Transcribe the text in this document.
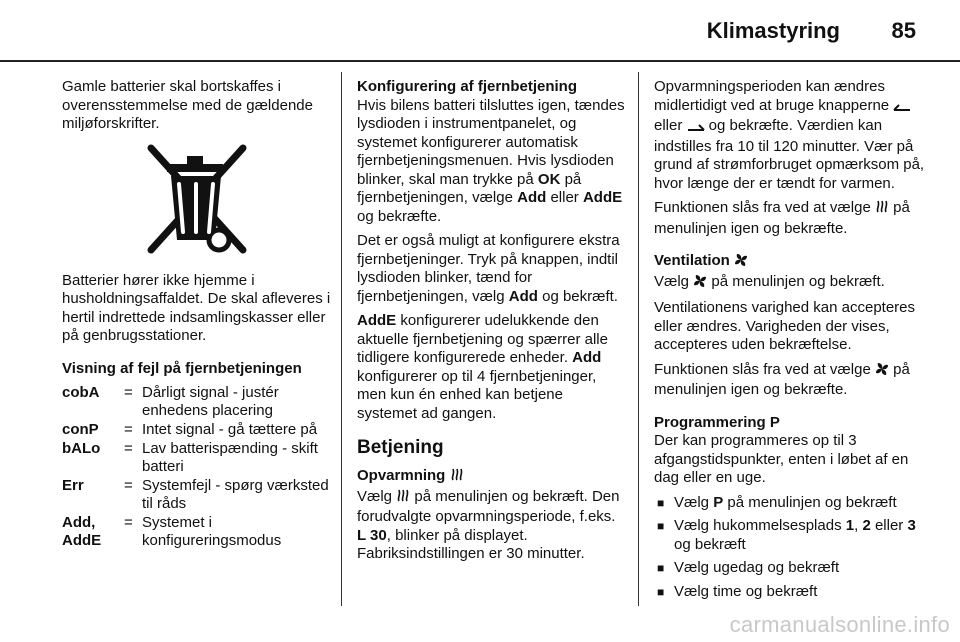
Klimastyring 85

Gamle batterier skal bortskaffes i overensstemmelse med de gældende miljøforskrifter.

Batterier hører ikke hjemme i husholdningsaffaldet. De skal afleveres i hertil indrettede indsamlingskasser eller på genbrugsstationer.

Visning af fejl på fjernbetjeningen

cobA	=	Dårligt signal - justér enhedens placering
conP	=	Intet signal - gå tættere på
bALo	=	Lav batterispænding - skift batteri
Err	=	Systemfejl - spørg værksted til råds
Add, AddE	=	Systemet i konfigureringsmodus

Konfigurering af fjernbetjening

Hvis bilens batteri tilsluttes igen, tændes lysdioden i instrumentpanelet, og systemet konfigurerer automatisk fjernbetjeningsmenuen. Hvis lysdioden blinker, skal man trykke på OK på fjernbetjeningen, vælge Add eller AddE og bekræfte.

Det er også muligt at konfigurere ekstra fjernbetjeninger. Tryk på knappen, indtil lysdioden blinker, tænd for fjernbetjeningen, vælg Add og bekræft.

AddE konfigurerer udelukkende den aktuelle fjernbetjening og spærrer alle tidligere konfigurerede enheder. Add konfigurerer op til 4 fjernbetjeninger, men kun én enhed kan betjene systemet ad gangen.

Betjening

Opvarmning

Vælg  på menulinjen og bekræft. Den forudvalgte opvarmningsperiode, f.eks. L 30, blinker på displayet. Fabriksindstillingen er 30 minutter.

Opvarmningsperioden kan ændres midlertidigt ved at bruge knapperne  eller  og bekræfte. Værdien kan indstilles fra 10 til 120 minutter. Vær på grund af strømforbruget opmærksom på, hvor længe der er tændt for varmen.

Funktionen slås fra ved at vælge  på menulinjen igen og bekræfte.

Ventilation

Vælg  på menulinjen og bekræft.

Ventilationens varighed kan accepteres eller ændres. Varigheden der vises, accepteres uden bekræftelse.

Funktionen slås fra ved at vælge  på menulinjen igen og bekræfte.

Programmering P

Der kan programmeres op til 3 afgangstidspunkter, enten i løbet af en dag eller en uge.

■ Vælg P på menulinjen og bekræft
■ Vælg hukommelsesplads 1, 2 eller 3 og bekræft
■ Vælg ugedag og bekræft
■ Vælg time og bekræft
carmanualsonline.info
